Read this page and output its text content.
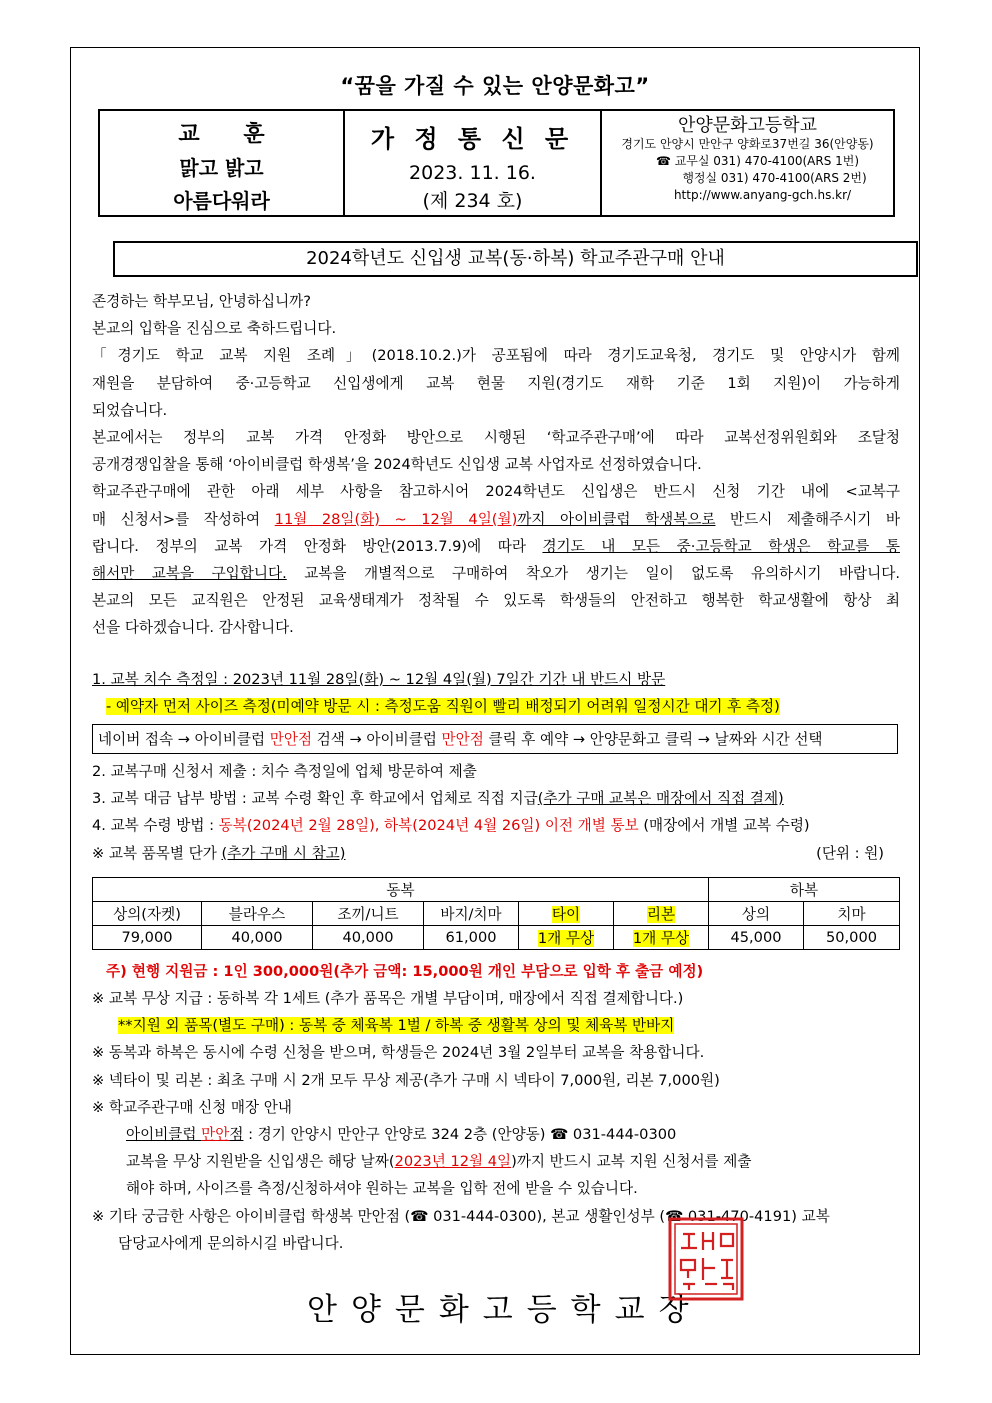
“꿈을 가질 수 있는 안양문화고”
교 훈
맑고 밝고
아름다워라
가 정 통 신 문
2023. 11. 16.
(제 234 호)
안양문화고등학교
경기도 안양시 만안구 양화로37번길 36(안양동)
☎ 교무실 031) 470-4100(ARS 1번)
행정실 031) 470-4100(ARS 2번)
http://www.anyang-gch.hs.kr/
2024학년도 신입생 교복(동·하복) 학교주관구매 안내
존경하는 학부모님, 안녕하십니까?
본교의 입학을 진심으로 축하드립니다.
「경기도 학교 교복 지원 조례」(2018.10.2.)가 공포됨에 따라 경기도교육청, 경기도 및 안양시가 함께
재원을 분담하여 중·고등학교 신입생에게 교복 현물 지원(경기도 재학 기준 1회 지원)이 가능하게
되었습니다.
본교에서는 정부의 교복 가격 안정화 방안으로 시행된 ‘학교주관구매’에 따라 교복선정위원회와 조달청
공개경쟁입찰을 통해 ‘아이비클럽 학생복’을 2024학년도 신입생 교복 사업자로 선정하였습니다.
학교주관구매에 관한 아래 세부 사항을 참고하시어 2024학년도 신입생은 반드시 신청 기간 내에 <교복구
매 신청서>를 작성하여 11월 28일(화) ~ 12월 4일(월)까지 아이비클럽 학생복으로 반드시 제출해주시기 바
랍니다. 정부의 교복 가격 안정화 방안(2013.7.9)에 따라 경기도 내 모든 중·고등학교 학생은 학교를 통
해서만 교복을 구입합니다. 교복을 개별적으로 구매하여 착오가 생기는 일이 없도록 유의하시기 바랍니다.
본교의 모든 교직원은 안정된 교육생태계가 정착될 수 있도록 학생들의 안전하고 행복한 학교생활에 항상 최
선을 다하겠습니다. 감사합니다.
1. 교복 치수 측정일 : 2023년 11월 28일(화) ~ 12월 4일(월) 7일간 기간 내 반드시 방문
- 예약자 먼저 사이즈 측정(미예약 방문 시 : 측정도움 직원이 빨리 배정되기 어려워 일정시간 대기 후 측정)
네이버 접속 → 아이비클럽 만안점 검색 → 아이비클럽 만안점 클릭 후 예약 → 안양문화고 클릭 → 날짜와 시간 선택
2. 교복구매 신청서 제출 : 치수 측정일에 업체 방문하여 제출
3. 교복 대금 납부 방법 : 교복 수령 확인 후 학교에서 업체로 직접 지급(추가 구매 교복은 매장에서 직접 결제)
4. 교복 수령 방법 : 동복(2024년 2월 28일), 하복(2024년 4월 26일) 이전 개별 통보 (매장에서 개별 교복 수령)
※ 교복 품목별 단가 (추가 구매 시 참고)	(단위 : 원)
동복						하복	
상의(자켓)	블라우스	조끼/니트	바지/치마	타이	리본	상의	치마
79,000	40,000	40,000	61,000	1개 무상	1개 무상	45,000	50,000
주) 현행 지원금 : 1인 300,000원(추가 금액: 15,000원 개인 부담으로 입학 후 출금 예정)
※ 교복 무상 지급 : 동하복 각 1세트 (추가 품목은 개별 부담이며, 매장에서 직접 결제합니다.)
**지원 외 품목(별도 구매) : 동복 중 체육복 1벌 / 하복 중 생활복 상의 및 체육복 반바지
※ 동복과 하복은 동시에 수령 신청을 받으며, 학생들은 2024년 3월 2일부터 교복을 착용합니다.
※ 넥타이 및 리본 : 최초 구매 시 2개 모두 무상 제공(추가 구매 시 넥타이 7,000원, 리본 7,000원)
※ 학교주관구매 신청 매장 안내
아이비클럽 만안점 : 경기 안양시 만안구 안양로 324 2층 (안양동) ☎ 031-444-0300
교복을 무상 지원받을 신입생은 해당 날짜(2023년 12월 4일)까지 반드시 교복 지원 신청서를 제출
해야 하며, 사이즈를 측정/신청하셔야 원하는 교복을 입학 전에 받을 수 있습니다.
※ 기타 궁금한 사항은 아이비클럽 학생복 만안점 (☎ 031-444-0300), 본교 생활인성부 (☎ 031-470-4191) 교복
담당교사에게 문의하시길 바랍니다.
안양문화고등학교장
